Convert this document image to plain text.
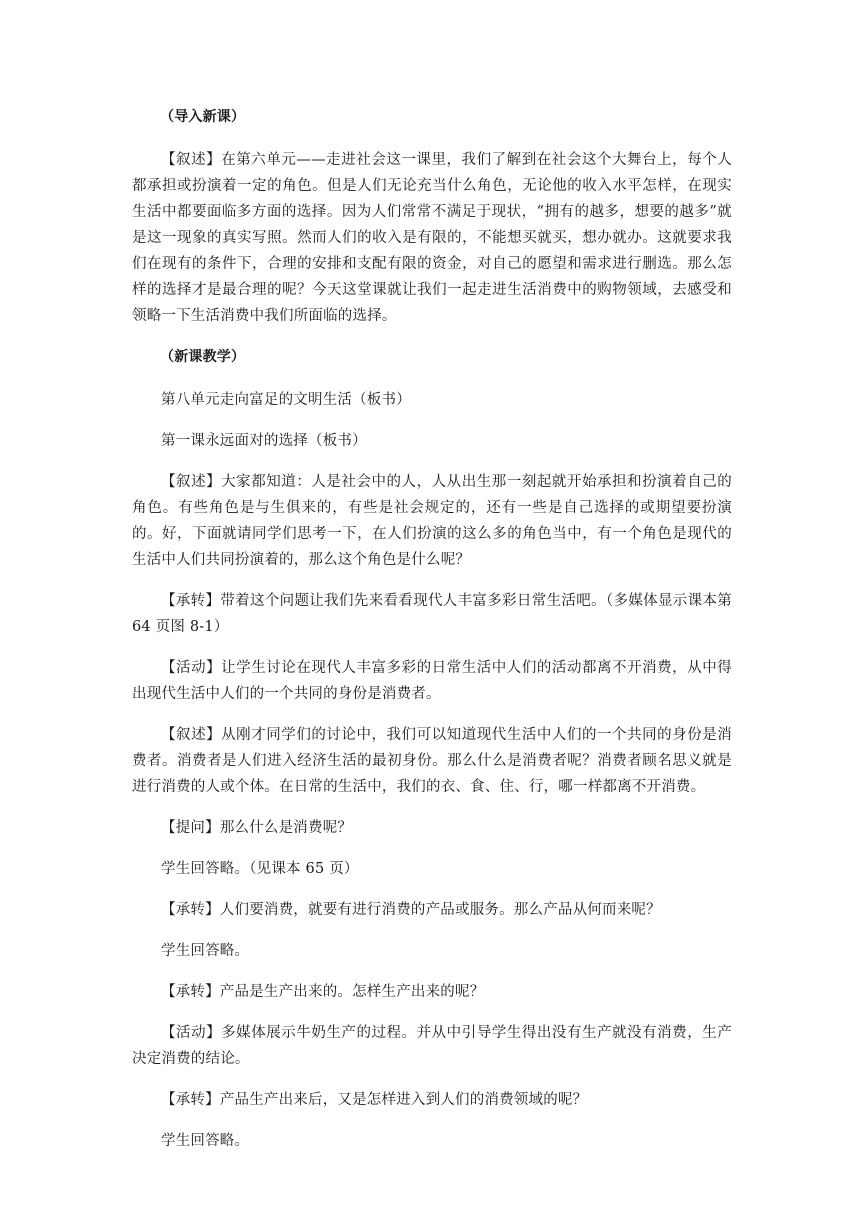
（导入新课）

【叙述】在第六单元——走进社会这一课里，我们了解到在社会这个大舞台上，每个人都承担或扮演着一定的角色。但是人们无论充当什么角色，无论他的收入水平怎样，在现实生活中都要面临多方面的选择。因为人们常常不满足于现状，“拥有的越多，想要的越多”就是这一现象的真实写照。然而人们的收入是有限的，不能想买就买，想办就办。这就要求我们在现有的条件下，合理的安排和支配有限的资金，对自己的愿望和需求进行删选。那么怎样的选择才是最合理的呢？今天这堂课就让我们一起走进生活消费中的购物领域，去感受和领略一下生活消费中我们所面临的选择。

（新课教学）

第八单元走向富足的文明生活（板书）

第一课永远面对的选择（板书）

【叙述】大家都知道：人是社会中的人，人从出生那一刻起就开始承担和扮演着自己的角色。有些角色是与生俱来的，有些是社会规定的，还有一些是自己选择的或期望要扮演的。好，下面就请同学们思考一下，在人们扮演的这么多的角色当中，有一个角色是现代的生活中人们共同扮演着的，那么这个角色是什么呢？

【承转】带着这个问题让我们先来看看现代人丰富多彩日常生活吧。（多媒体显示课本第 64 页图 8-1）

【活动】让学生讨论在现代人丰富多彩的日常生活中人们的活动都离不开消费，从中得出现代生活中人们的一个共同的身份是消费者。

【叙述】从刚才同学们的讨论中，我们可以知道现代生活中人们的一个共同的身份是消费者。消费者是人们进入经济生活的最初身份。那么什么是消费者呢？消费者顾名思义就是进行消费的人或个体。在日常的生活中，我们的衣、食、住、行，哪一样都离不开消费。

【提问】那么什么是消费呢？

学生回答略。（见课本 65 页）

【承转】人们要消费，就要有进行消费的产品或服务。那么产品从何而来呢？

学生回答略。

【承转】产品是生产出来的。怎样生产出来的呢？

【活动】多媒体展示牛奶生产的过程。并从中引导学生得出没有生产就没有消费，生产决定消费的结论。

【承转】产品生产出来后，又是怎样进入到人们的消费领域的呢？

学生回答略。
